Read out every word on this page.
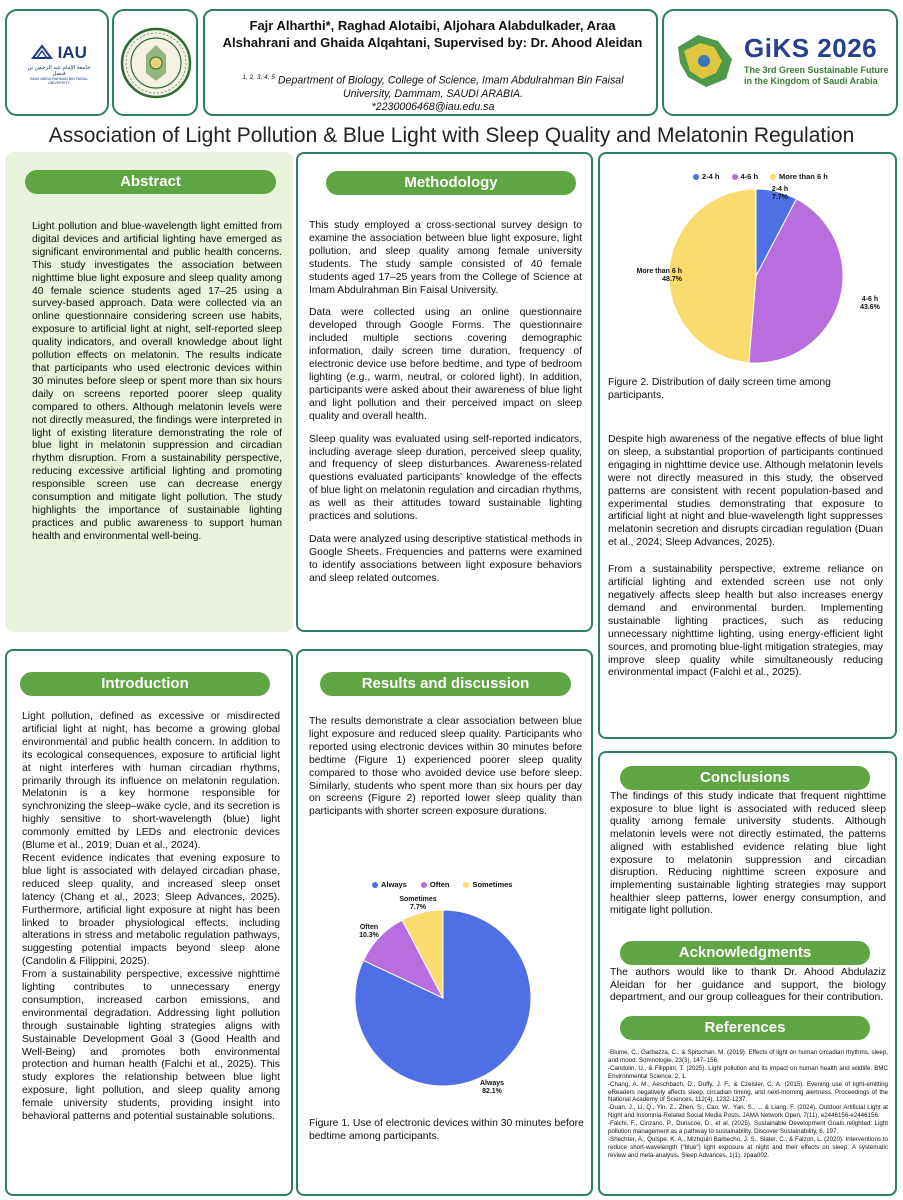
IAU
جامعة الإمام عبد الرحمن بن فيصل
IMAM ABDULRAHMAN BIN FAISAL UNIVERSITY
Fajr Alharthi*, Raghad Alotaibi, Aljohara Alabdulkader, Araa Alshahrani and Ghaida Alqahtani, Supervised by: Dr. Ahood Aleidan
$^{1, 2, 3, 4, 5}$ Department of Biology, College of Science, Imam Abdulrahman Bin Faisal University, Dammam, SAUDI ARABIA.
*2230006468@iau.edu.sa
GiKS 2026
The 3rd Green Sustainable Future
in the Kingdom of Saudi Arabia
Association of Light Pollution & Blue Light with Sleep Quality and Melatonin Regulation
Abstract
Light pollution and blue-wavelength light emitted from digital devices and artificial lighting have emerged as significant environmental and public health concerns. This study investigates the association between nighttime blue light exposure and sleep quality among 40 female science students aged 17–25 using a survey-based approach. Data were collected via an online questionnaire considering screen use habits, exposure to artificial light at night, self-reported sleep quality indicators, and overall knowledge about light pollution effects on melatonin. The results indicate that participants who used electronic devices within 30 minutes before sleep or spent more than six hours daily on screens reported poorer sleep quality compared to others. Although melatonin levels were not directly measured, the findings were interpreted in light of existing literature demonstrating the role of blue light in melatonin suppression and circadian rhythm disruption. From a sustainability perspective, reducing excessive artificial lighting and promoting responsible screen use can decrease energy consumption and mitigate light pollution. The study highlights the importance of sustainable lighting practices and public awareness to support human health and environmental well-being.
Methodology

This study employed a cross-sectional survey design to examine the association between blue light exposure, light pollution, and sleep quality among female university students. The study sample consisted of 40 female students aged 17–25 years from the College of Science at Imam Abdulrahman Bin Faisal University.

Data were collected using an online questionnaire developed through Google Forms. The questionnaire included multiple sections covering demographic information, daily screen time duration, frequency of electronic device use before bedtime, and type of bedroom lighting (e.g., warm, neutral, or colored light). In addition, participants were asked about their awareness of blue light and light pollution and their perceived impact on sleep quality and overall health.

Sleep quality was evaluated using self-reported indicators, including average sleep duration, perceived sleep quality, and frequency of sleep disturbances. Awareness-related questions evaluated participants' knowledge of the effects of blue light on melatonin regulation and circadian rhythms, as well as their attitudes toward sustainable lighting practices and solutions.

Data were analyzed using descriptive statistical methods in Google Sheets. Frequencies and patterns were examined to identify associations between light exposure behaviors and sleep related outcomes.

2-4 h	4-6 h	More than 6 h
2-4 h
7.7%
4-6 h
43.6%
More than 6 h
48.7%
Figure 2. Distribution of daily screen time among participants.

Despite high awareness of the negative effects of blue light on sleep, a substantial proportion of participants continued engaging in nighttime device use. Although melatonin levels were not directly measured in this study, the observed patterns are consistent with recent population-based and experimental studies demonstrating that exposure to artificial light at night and blue-wavelength light suppresses melatonin secretion and disrupts circadian regulation (Duan et al., 2024; Sleep Advances, 2025).

From a sustainability perspective, extreme reliance on artificial lighting and extended screen use not only negatively affects sleep health but also increases energy demand and environmental burden. Implementing sustainable lighting practices, such as reducing unnecessary nighttime lighting, using energy-efficient light sources, and promoting blue-light mitigation strategies, may improve sleep quality while simultaneously reducing environmental impact (Falchi et al., 2025).

Introduction

Light pollution, defined as excessive or misdirected artificial light at night, has become a growing global environmental and public health concern. In addition to its ecological consequences, exposure to artificial light at night interferes with human circadian rhythms, primarily through its influence on melatonin regulation. Melatonin is a key hormone responsible for synchronizing the sleep–wake cycle, and its secretion is highly sensitive to short-wavelength (blue) light commonly emitted by LEDs and electronic devices (Blume et al., 2019; Duan et al., 2024).

Recent evidence indicates that evening exposure to blue light is associated with delayed circadian phase, reduced sleep quality, and increased sleep onset latency (Chang et al., 2023; Sleep Advances, 2025). Furthermore, artificial light exposure at night has been linked to broader physiological effects, including alterations in stress and metabolic regulation pathways, suggesting potential impacts beyond sleep alone (Candolin & Filippini, 2025).

From a sustainability perspective, excessive nighttime lighting contributes to unnecessary energy consumption, increased carbon emissions, and environmental degradation. Addressing light pollution through sustainable lighting strategies aligns with Sustainable Development Goal 3 (Good Health and Well-Being) and promotes both environmental protection and human health (Falchi et al., 2025). This study explores the relationship between blue light exposure, light pollution, and sleep quality among female university students, providing insight into behavioral patterns and potential sustainable solutions.

Results and discussion
The results demonstrate a clear association between blue light exposure and reduced sleep quality. Participants who reported using electronic devices within 30 minutes before bedtime (Figure 1) experienced poorer sleep quality compared to those who avoided device use before sleep. Similarly, students who spent more than six hours per day on screens (Figure 2) reported lower sleep quality than participants with shorter screen exposure durations.
Always	Often	Sometimes
Sometimes
7.7%
Often
10.3%
Always
82.1%
Figure 1. Use of electronic devices within 30 minutes before bedtime among participants.
Conclusions
The findings of this study indicate that frequent nighttime exposure to blue light is associated with reduced sleep quality among female university students. Although melatonin levels were not directly estimated, the patterns aligned with established evidence relating blue light exposure to melatonin suppression and circadian disruption. Reducing nighttime screen exposure and implementing sustainable lighting strategies may support healthier sleep patterns, lower energy consumption, and mitigate light pollution.
Acknowledgments
The authors would like to thank Dr. Ahood Abdulaziz Aleidan for her guidance and support, the biology department, and our group colleagues for their contribution.
References
-Blume, C., Garbazza, C., & Spitschan, M. (2019). Effects of light on human circadian rhythms, sleep, and mood. Somnologie, 23(3), 147–156.
-Candolin, U., & Filippini, T. (2025). Light pollution and its impact on human health and wildlife. BMC Environmental Science, 2, 1.
-Chang, A. M., Aeschbach, D., Duffy, J. F., & Czeisler, C. A. (2015). Evening use of light-emitting eReaders negatively affects sleep, circadian timing, and next-morning alertness. Proceedings of the National Academy of Sciences, 112(4), 1232-1237.
-Duan, J., Li, Q., Yin, Z., Zhen, S., Cao, W., Yan, S., ... & Liang, F. (2024). Outdoor Artificial Light at Night and Insomnia-Related Social Media Posts. JAMA Network Open, 7(11), e2446156-e2446156.
-Falchi, F., Cinzano, P., Duriscoe, D., et al. (2025). Sustainable Development Goals relighted: Light pollution management as a pathway to sustainability. Discover Sustainability, 6, 197.
-Shechter, A., Quispe, K. A., Mizhquiri Barbecho, J. S., Slater, C., & Falzon, L. (2020). Interventions to reduce short-wavelength ("blue") light exposure at night and their effects on sleep: A systematic review and meta-analysis. Sleep Advances, 1(1), zpaa002.
